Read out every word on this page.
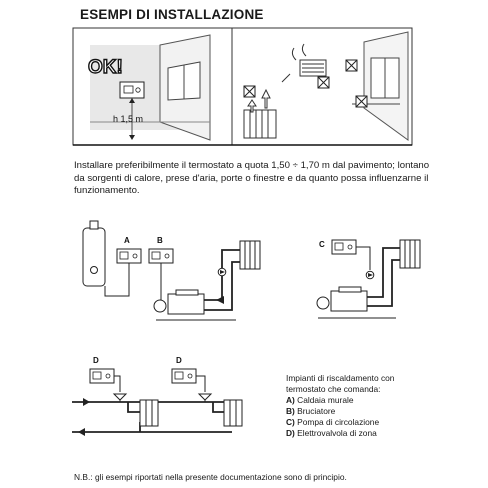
ESEMPI DI INSTALLAZIONE
OK!
h 1,5 m
A	B	C
D	D
Installare preferibilmente il termostato a quota 1,50 ÷ 1,70 m dal pavimento; lontano da sorgenti di calore, prese d'aria, porte o finestre e da quanto possa influenzarne il funzionamento.
Impianti di riscaldamento con
termostato che comanda:
A) Caldaia murale
B) Bruciatore
C) Pompa di circolazione
D) Elettrovalvola di zona
N.B.: gli esempi riportati nella presente documentazione sono di principio.
